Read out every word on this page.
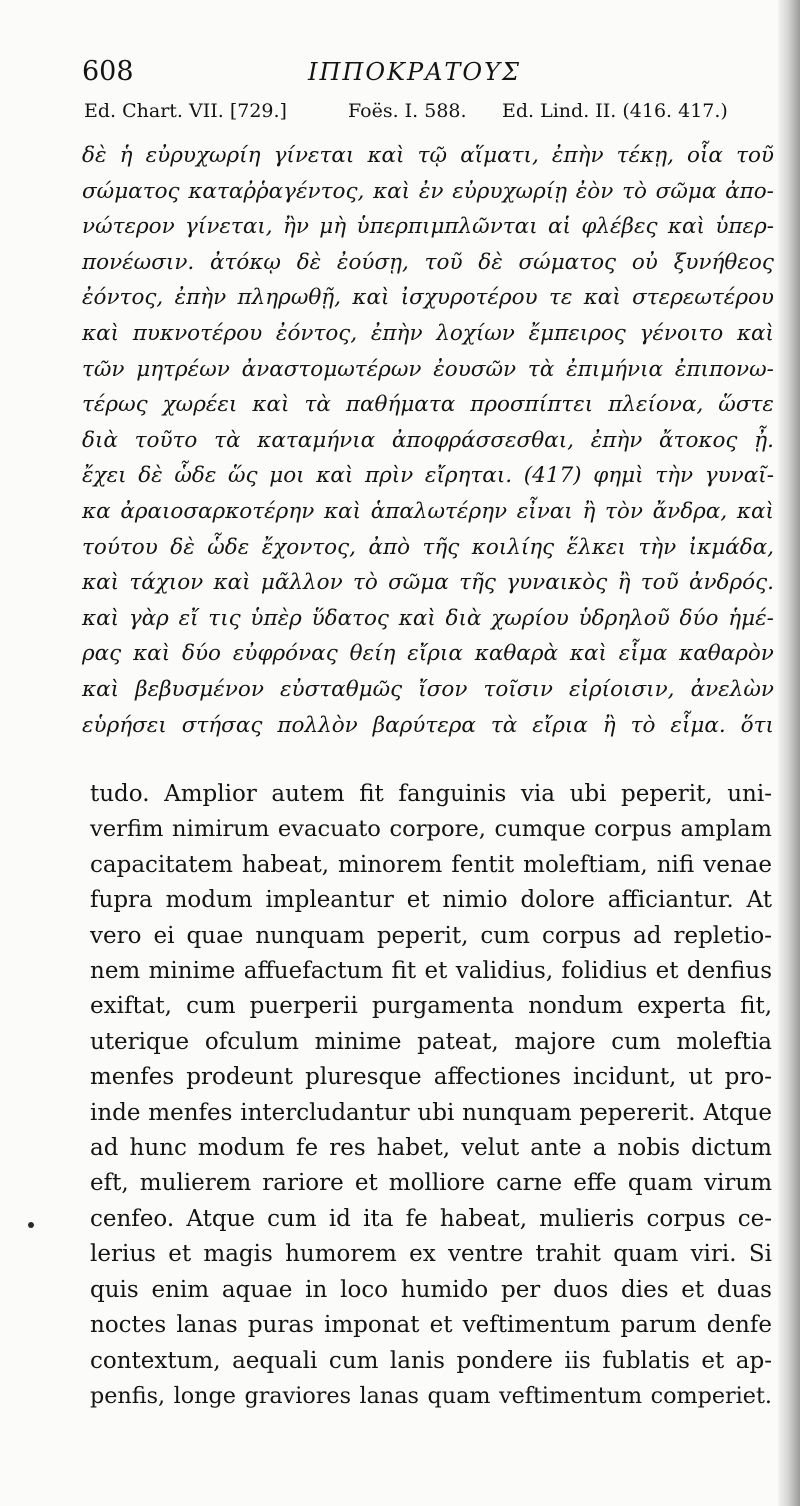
608	ΙΠΠΟΚΡΑΤΟΥΣ
Ed. Chart. VII. [729.]	Foës. I. 588. Ed. Lind. II. (416. 417.)
δὲ ἡ εὐρυχωρίη γίνεται καὶ τῷ αἵματι, ἐπὴν τέκῃ, οἷα τοῦ
σώματος καταῤῥαγέντος, καὶ ἐν εὐρυχωρίῃ ἐὸν τὸ σῶμα ἀπο-
νώτερον γίνεται, ἢν μὴ ὑπερπιμπλῶνται αἱ φλέβες καὶ ὑπερ-
πονέωσιν. ἀτόκῳ δὲ ἐούσῃ, τοῦ δὲ σώματος οὐ ξυνήθεος
ἐόντος, ἐπὴν πληρωθῇ, καὶ ἰσχυροτέρου τε καὶ στερεωτέρου
καὶ πυκνοτέρου ἐόντος, ἐπὴν λοχίων ἔμπειρος γένοιτο καὶ
τῶν μητρέων ἀναστομωτέρων ἐουσῶν τὰ ἐπιμήνια ἐπιπονω-
τέρως χωρέει καὶ τὰ παθήματα προσπίπτει πλείονα, ὥστε
διὰ τοῦτο τὰ καταμήνια ἀποφράσσεσθαι, ἐπὴν ἄτοκος ᾖ.
ἔχει δὲ ὧδε ὥς μοι καὶ πρὶν εἴρηται. (417) φημὶ τὴν γυναῖ-
κα ἀραιοσαρκοτέρην καὶ ἁπαλωτέρην εἶναι ἢ τὸν ἄνδρα, καὶ
τούτου δὲ ὧδε ἔχοντος, ἀπὸ τῆς κοιλίης ἕλκει τὴν ἰκμάδα,
καὶ τάχιον καὶ μᾶλλον τὸ σῶμα τῆς γυναικὸς ἢ τοῦ ἀνδρός.
καὶ γὰρ εἴ τις ὑπὲρ ὕδατος καὶ διὰ χωρίου ὑδρηλοῦ δύο ἡμέ-
ρας καὶ δύο εὐφρόνας θείη εἴρια καθαρὰ καὶ εἷμα καθαρὸν
καὶ βεβυσμένον εὐσταθμῶς ἴσον τοῖσιν εἰρίοισιν, ἀνελὼν
εὑρήσει στήσας πολλὸν βαρύτερα τὰ εἴρια ἢ τὸ εἷμα. ὅτι
tudo. Amplior autem fit fanguinis via ubi peperit, uni-
verfim nimirum evacuato corpore, cumque corpus amplam
capacitatem habeat, minorem fentit moleftiam, nifi venae
fupra modum impleantur et nimio dolore afficiantur. At
vero ei quae nunquam peperit, cum corpus ad repletio-
nem minime affuefactum fit et validius, folidius et denfius
exiftat, cum puerperii purgamenta nondum experta fit,
uterique ofculum minime pateat, majore cum moleftia
menfes prodeunt pluresque affectiones incidunt, ut pro-
inde menfes intercludantur ubi nunquam pepererit. Atque
ad hunc modum fe res habet, velut ante a nobis dictum
eft, mulierem rariore et molliore carne effe quam virum
cenfeo. Atque cum id ita fe habeat, mulieris corpus ce-
lerius et magis humorem ex ventre trahit quam viri. Si
quis enim aquae in loco humido per duos dies et duas
noctes lanas puras imponat et veftimentum parum denfe
contextum, aequali cum lanis pondere iis fublatis et ap-
penfis, longe graviores lanas quam veftimentum comperiet.
